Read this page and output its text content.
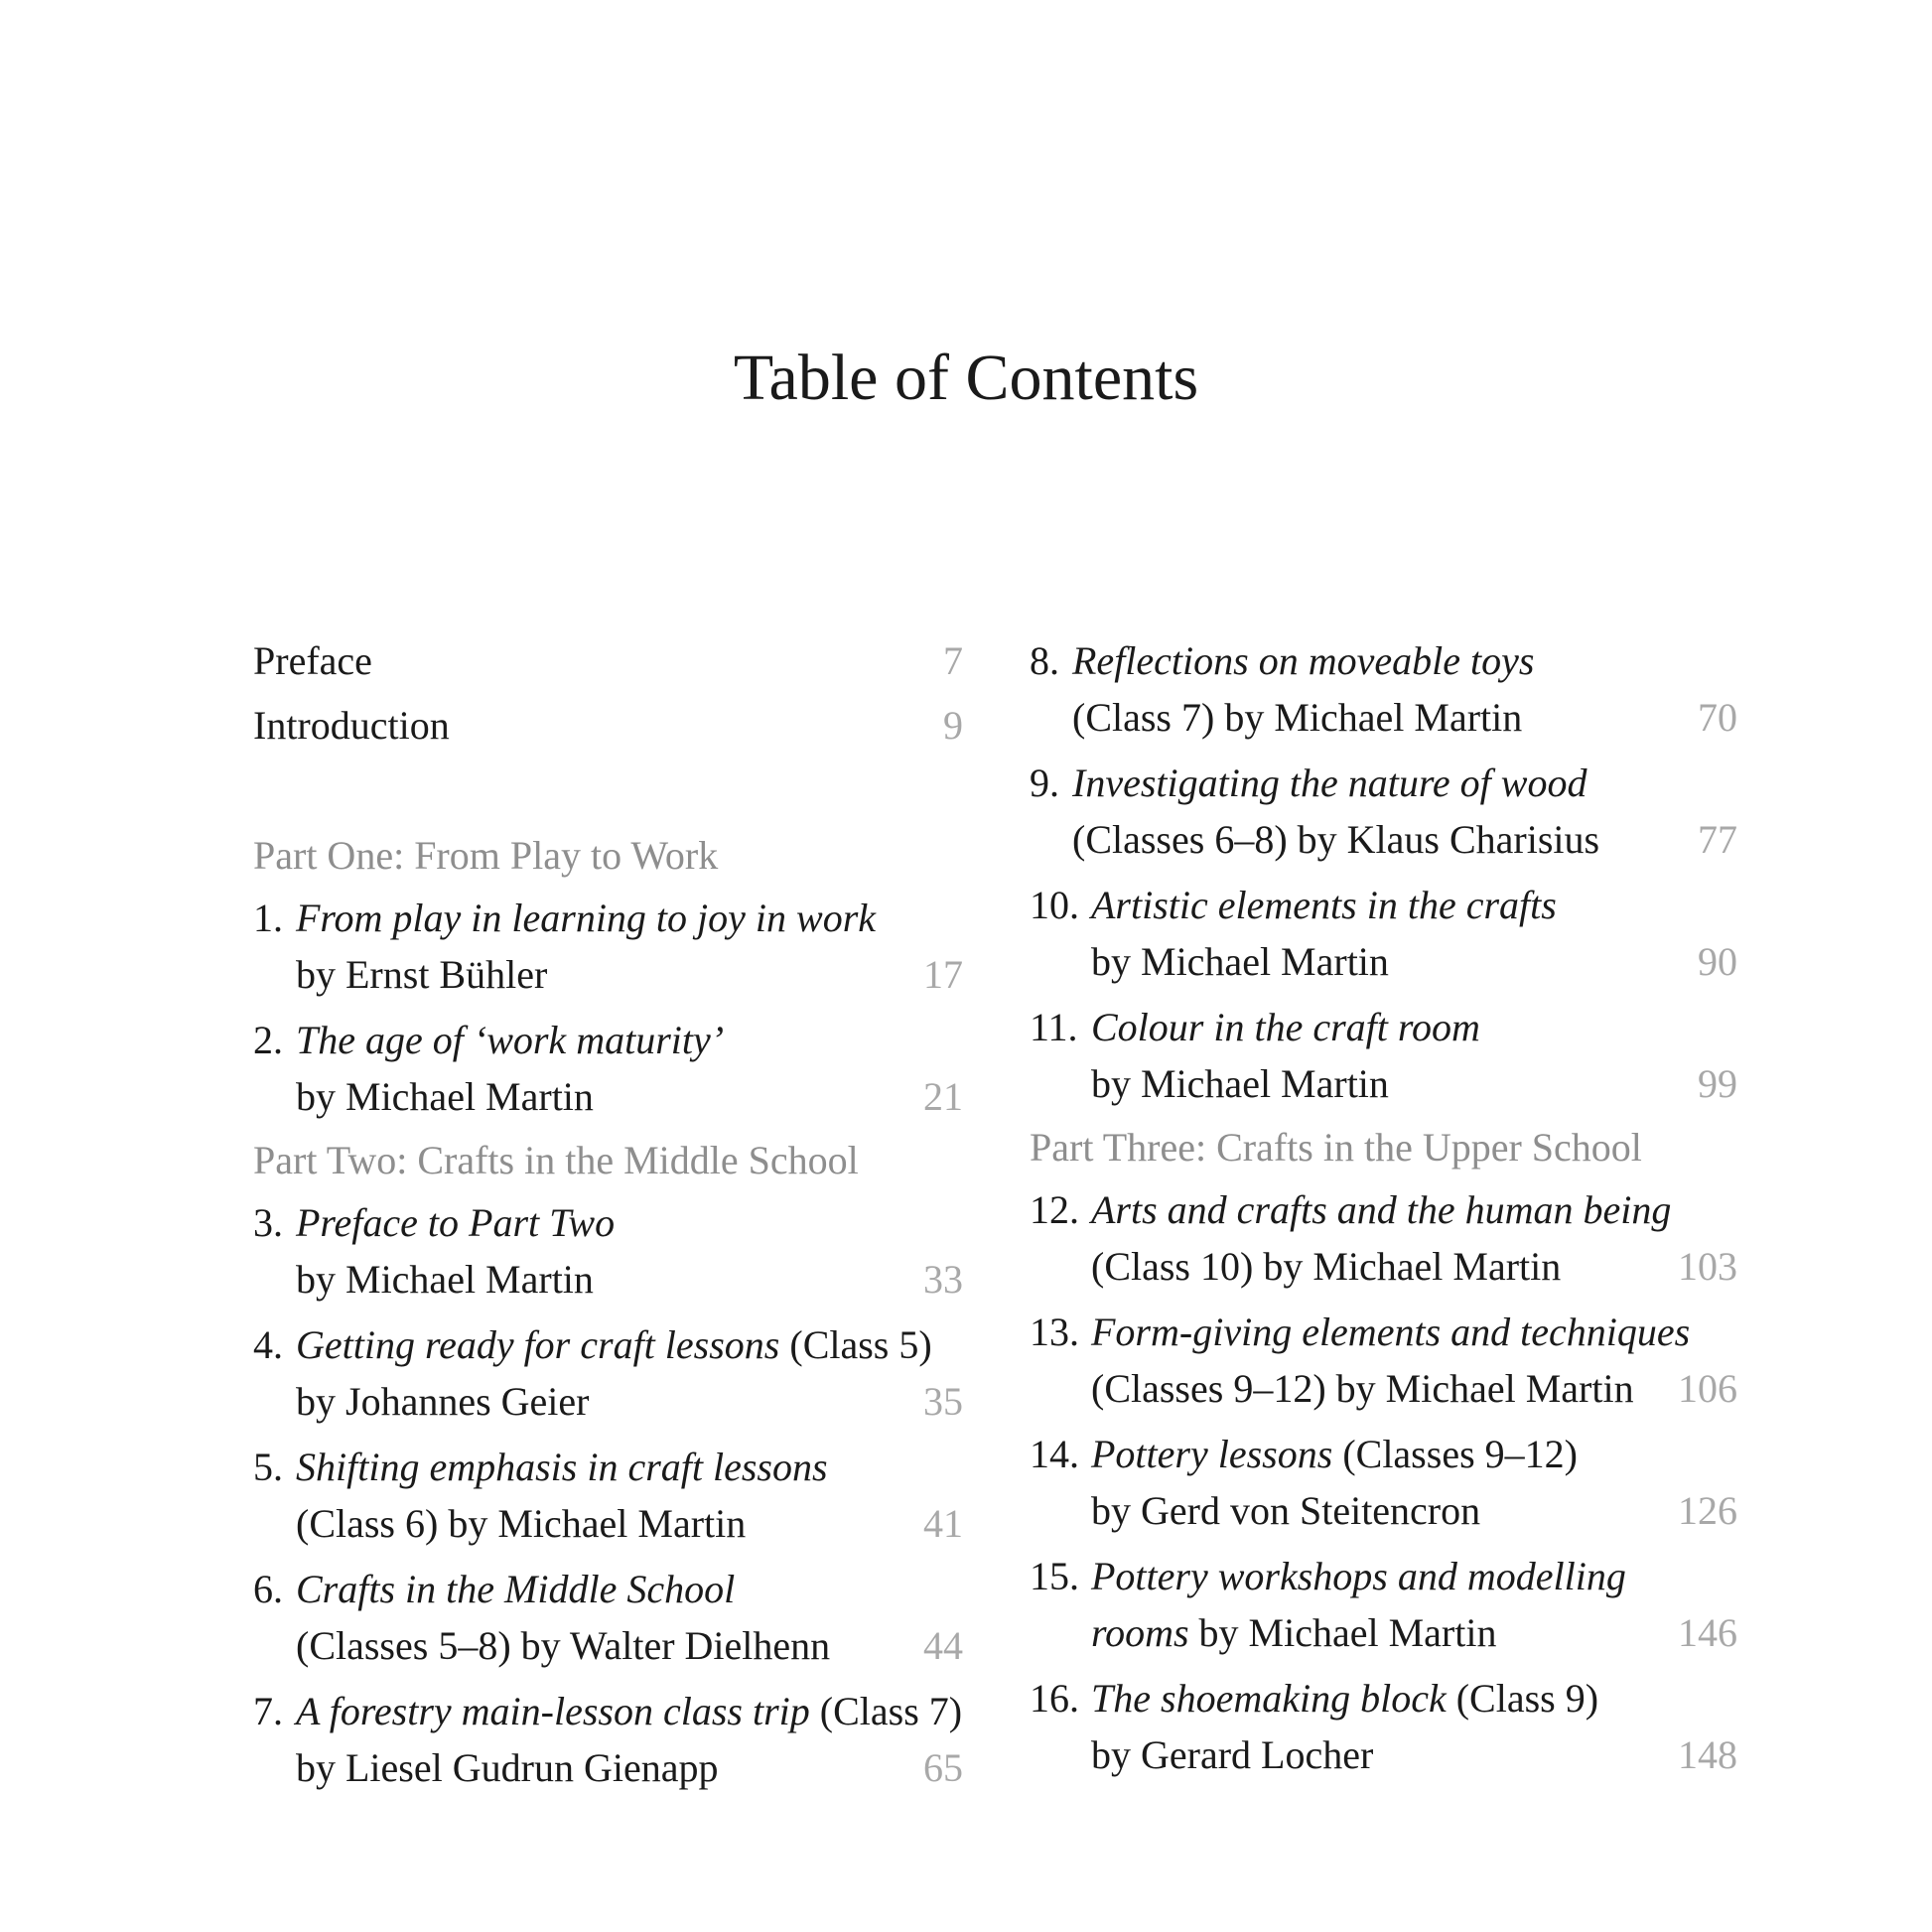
Table of Contents

Preface	7

Introduction	9

Part One: From Play to Work

1. From play in learning to joy in work
by Ernst Bühler	17
2. The age of ‘work maturity’
by Michael Martin	21

Part Two: Crafts in the Middle School

3. Preface to Part Two
by Michael Martin	33
4. Getting ready for craft lessons (Class 5)
by Johannes Geier	35
5. Shifting emphasis in craft lessons
(Class 6) by Michael Martin	41
6. Crafts in the Middle School
(Classes 5–8) by Walter Dielhenn	44
7. A forestry main-lesson class trip (Class 7)
by Liesel Gudrun Gienapp	65
8. Reflections on moveable toys
(Class 7) by Michael Martin	70
9. Investigating the nature of wood
(Classes 6–8) by Klaus Charisius	77
10. Artistic elements in the crafts
by Michael Martin	90
11. Colour in the craft room
by Michael Martin	99

Part Three: Crafts in the Upper School

12. Arts and crafts and the human being
(Class 10) by Michael Martin	103
13. Form-giving elements and techniques
(Classes 9–12) by Michael Martin	106
14. Pottery lessons (Classes 9–12)
by Gerd von Steitencron	126
15. Pottery workshops and modelling
rooms by Michael Martin	146
16. The shoemaking block (Class 9)
by Gerard Locher	148
